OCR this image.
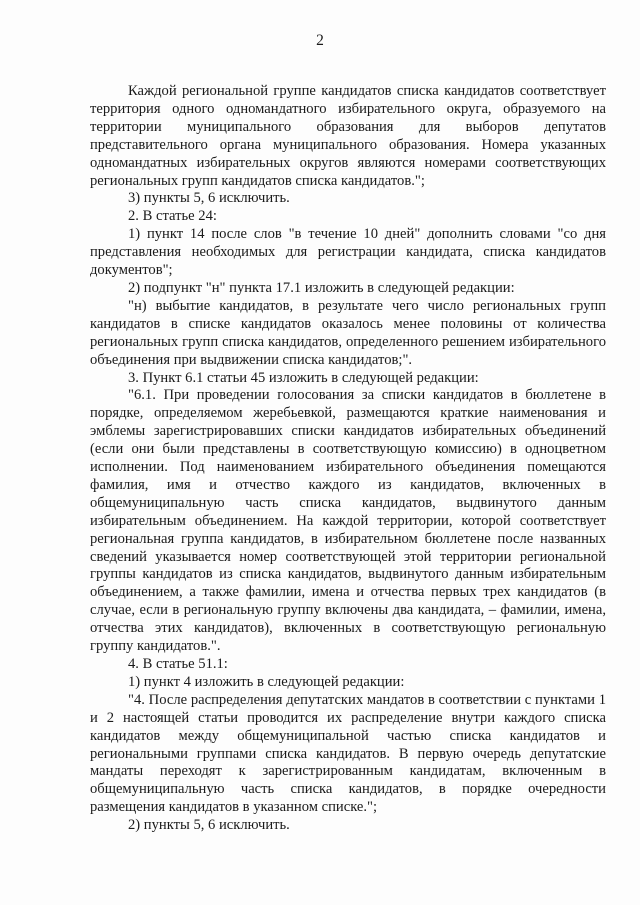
2

Каждой региональной группе кандидатов списка кандидатов соответствует территория одного одномандатного избирательного округа, образуемого на территории муниципального образования для выборов депутатов представительного органа муниципального образования. Номера указанных одномандатных избирательных округов являются номерами соответствующих региональных групп кандидатов списка кандидатов.";

3) пункты 5, 6 исключить.

2. В статье 24:

1) пункт 14 после слов "в течение 10 дней" дополнить словами "со дня представления необходимых для регистрации кандидата, списка кандидатов документов";

2) подпункт "н" пункта 17.1 изложить в следующей редакции:

"н) выбытие кандидатов, в результате чего число региональных групп кандидатов в списке кандидатов оказалось менее половины от количества региональных групп списка кандидатов, определенного решением избирательного объединения при выдвижении списка кандидатов;".

3. Пункт 6.1 статьи 45 изложить в следующей редакции:

"6.1. При проведении голосования за списки кандидатов в бюллетене в порядке, определяемом жеребьевкой, размещаются краткие наименования и эмблемы зарегистрировавших списки кандидатов избирательных объединений (если они были представлены в соответствующую комиссию) в одноцветном исполнении. Под наименованием избирательного объединения помещаются фамилия, имя и отчество каждого из кандидатов, включенных в общемуниципальную часть списка кандидатов, выдвинутого данным избирательным объединением. На каждой территории, которой соответствует региональная группа кандидатов, в избирательном бюллетене после названных сведений указывается номер соответствующей этой территории региональной группы кандидатов из списка кандидатов, выдвинутого данным избирательным объединением, а также фамилии, имена и отчества первых трех кандидатов (в случае, если в региональную группу включены два кандидата, – фамилии, имена, отчества этих кандидатов), включенных в соответствующую региональную группу кандидатов.".

4. В статье 51.1:

1) пункт 4 изложить в следующей редакции:

"4. После распределения депутатских мандатов в соответствии с пунктами 1 и 2 настоящей статьи проводится их распределение внутри каждого списка кандидатов между общемуниципальной частью списка кандидатов и региональными группами списка кандидатов. В первую очередь депутатские мандаты переходят к зарегистрированным кандидатам, включенным в общемуниципальную часть списка кандидатов, в порядке очередности размещения кандидатов в указанном списке.";

2) пункты 5, 6 исключить.
